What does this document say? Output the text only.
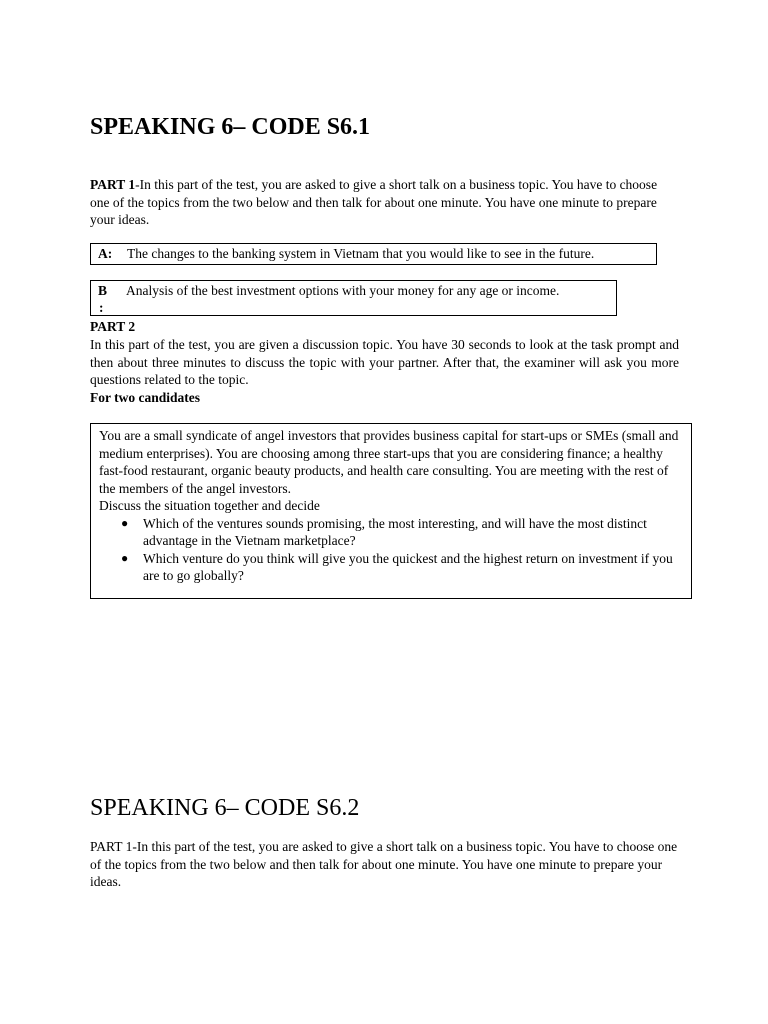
SPEAKING 6– CODE S6.1

PART 1-In this part of the test, you are asked to give a short talk on a business topic. You have to choose one of the topics from the two below and then talk for about one minute. You have one minute to prepare your ideas.

A: The changes to the banking system in Vietnam that you would like to see in the future.
B
:
Analysis of the best investment options with your money for any age or income.

PART 2

In this part of the test, you are given a discussion topic. You have 30 seconds to look at the task prompt and then about three minutes to discuss the topic with your partner. After that, the examiner will ask you more questions related to the topic.

For two candidates

You are a small syndicate of angel investors that provides business capital for start-ups or SMEs (small and medium enterprises). You are choosing among three start-ups that you are considering finance; a healthy fast-food restaurant, organic beauty products, and health care consulting. You are meeting with the rest of the members of the angel investors.

Discuss the situation together and decide

● Which of the ventures sounds promising, the most interesting, and will have the most distinct advantage in the Vietnam marketplace?
● Which venture do you think will give you the quickest and the highest return on investment if you are to go globally?
SPEAKING 6– CODE S6.2

PART 1-In this part of the test, you are asked to give a short talk on a business topic. You have to choose one of the topics from the two below and then talk for about one minute. You have one minute to prepare your ideas.
